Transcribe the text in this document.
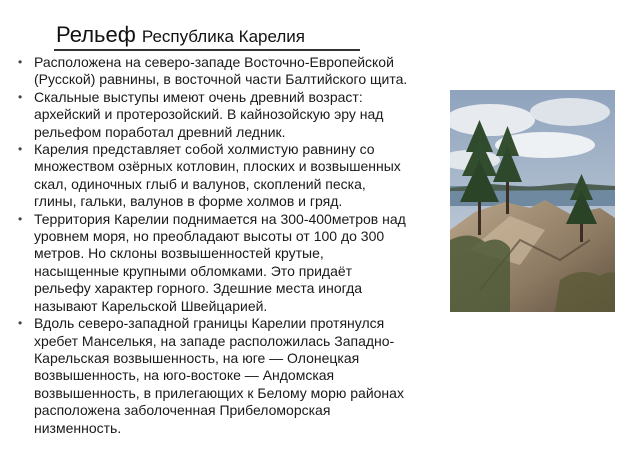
Рельеф Республика Карелия
• Расположена на северо-западе Восточно-Европейской
(Русской) равнины, в восточной части Балтийского щита.
• Скальные выступы имеют очень древний возраст:
архейский и протерозойский. В кайнозойскую эру над
рельефом поработал древний ледник.
• Карелия представляет собой холмистую равнину со
множеством озёрных котловин, плоских и возвышенных
скал, одиночных глыб и валунов, скоплений песка,
глины, гальки, валунов в форме холмов и гряд.
• Территория Карелии поднимается на 300-400метров над
уровнем моря, но преобладают высоты от 100 до 300
метров. Но склоны возвышенностей крутые,
насыщенные крупными обломками. Это придаёт
рельефу характер горного. Здешние места иногда
называют Карельской Швейцарией.
• Вдоль северо-западной границы Карелии протянулся
хребет Манселькя, на западе расположилась Западно-
Карельская возвышенность, на юге — Олонецкая
возвышенность, на юго-востоке — Андомская
возвышенность, в прилегающих к Белому морю районах
расположена заболоченная Прибеломорская
низменность.
